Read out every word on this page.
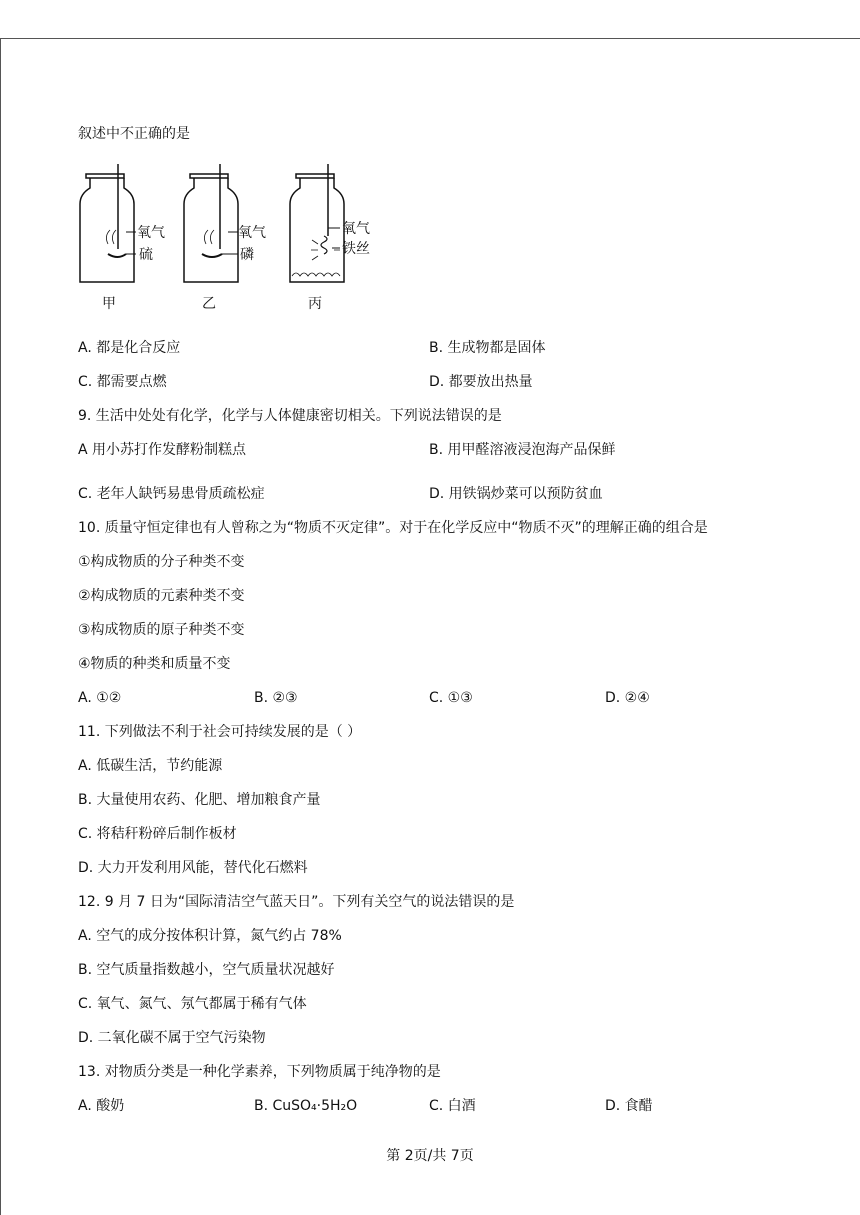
叙述中不正确的是
氧气
硫
甲
氧气
磷
乙
氧气
铁丝
丙
A. 都是化合反应	B. 生成物都是固体
C. 都需要点燃	D. 都要放出热量
9. 生活中处处有化学，化学与人体健康密切相关。下列说法错误的是
A 用小苏打作发酵粉制糕点	B. 用甲醛溶液浸泡海产品保鲜
C. 老年人缺钙易患骨质疏松症	D. 用铁锅炒菜可以预防贫血
10. 质量守恒定律也有人曾称之为“物质不灭定律”。对于在化学反应中“物质不灭”的理解正确的组合是
①构成物质的分子种类不变
②构成物质的元素种类不变
③构成物质的原子种类不变
④物质的种类和质量不变
A. ①②	B. ②③	C. ①③	D. ②④
11. 下列做法不利于社会可持续发展的是（ ）
A. 低碳生活，节约能源
B. 大量使用农药、化肥、增加粮食产量
C. 将秸秆粉碎后制作板材
D. 大力开发利用风能，替代化石燃料
12. 9 月 7 日为“国际清洁空气蓝天日”。下列有关空气的说法错误的是
A. 空气的成分按体积计算，氮气约占 78%
B. 空气质量指数越小，空气质量状况越好
C. 氧气、氮气、氖气都属于稀有气体
D. 二氧化碳不属于空气污染物
13. 对物质分类是一种化学素养，下列物质属于纯净物的是
A. 酸奶	B. CuSO₄·5H₂O	C. 白酒	D. 食醋
第 2页/共 7页
